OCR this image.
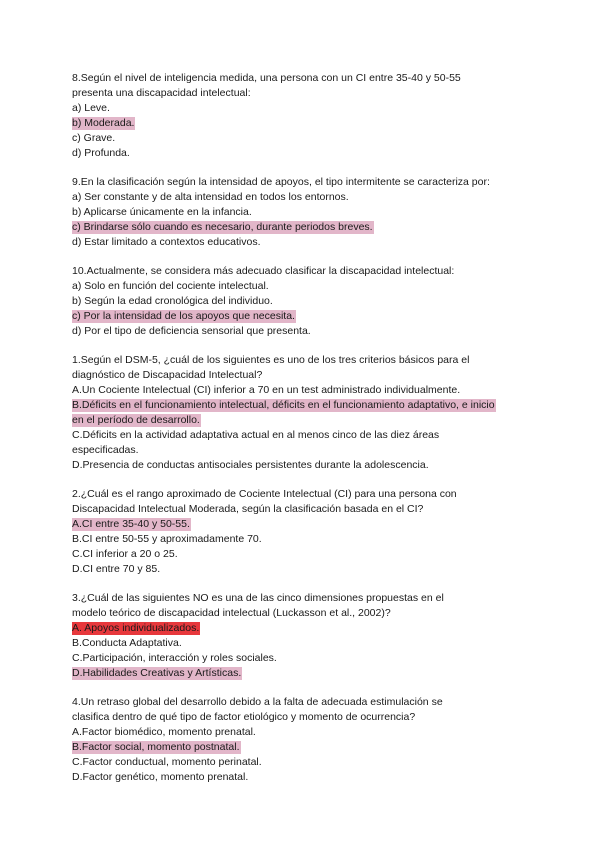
8.Según el nivel de inteligencia medida, una persona con un CI entre 35-40 y 50-55
presenta una discapacidad intelectual:
a) Leve.
b) Moderada.
c) Grave.
d) Profunda.
9.En la clasificación según la intensidad de apoyos, el tipo intermitente se caracteriza por:
a) Ser constante y de alta intensidad en todos los entornos.
b) Aplicarse únicamente en la infancia.
c) Brindarse sólo cuando es necesario, durante periodos breves.
d) Estar limitado a contextos educativos.
10.Actualmente, se considera más adecuado clasificar la discapacidad intelectual:
a) Solo en función del cociente intelectual.
b) Según la edad cronológica del individuo.
c) Por la intensidad de los apoyos que necesita.
d) Por el tipo de deficiencia sensorial que presenta.
1.Según el DSM-5, ¿cuál de los siguientes es uno de los tres criterios básicos para el
diagnóstico de Discapacidad Intelectual?
A.Un Cociente Intelectual (CI) inferior a 70 en un test administrado individualmente.
B.Déficits en el funcionamiento intelectual, déficits en el funcionamiento adaptativo, e inicio
en el período de desarrollo.
C.Déficits en la actividad adaptativa actual en al menos cinco de las diez áreas
especificadas.
D.Presencia de conductas antisociales persistentes durante la adolescencia.
2.¿Cuál es el rango aproximado de Cociente Intelectual (CI) para una persona con
Discapacidad Intelectual Moderada, según la clasificación basada en el CI?
A.CI entre 35-40 y 50-55.
B.CI entre 50-55 y aproximadamente 70.
C.CI inferior a 20 o 25.
D.CI entre 70 y 85.
3.¿Cuál de las siguientes NO es una de las cinco dimensiones propuestas en el
modelo teórico de discapacidad intelectual (Luckasson et al., 2002)?
A. Apoyos individualizados.
B.Conducta Adaptativa.
C.Participación, interacción y roles sociales.
D.Habilidades Creativas y Artísticas.
4.Un retraso global del desarrollo debido a la falta de adecuada estimulación se
clasifica dentro de qué tipo de factor etiológico y momento de ocurrencia?
A.Factor biomédico, momento prenatal.
B.Factor social, momento postnatal.
C.Factor conductual, momento perinatal.
D.Factor genético, momento prenatal.
